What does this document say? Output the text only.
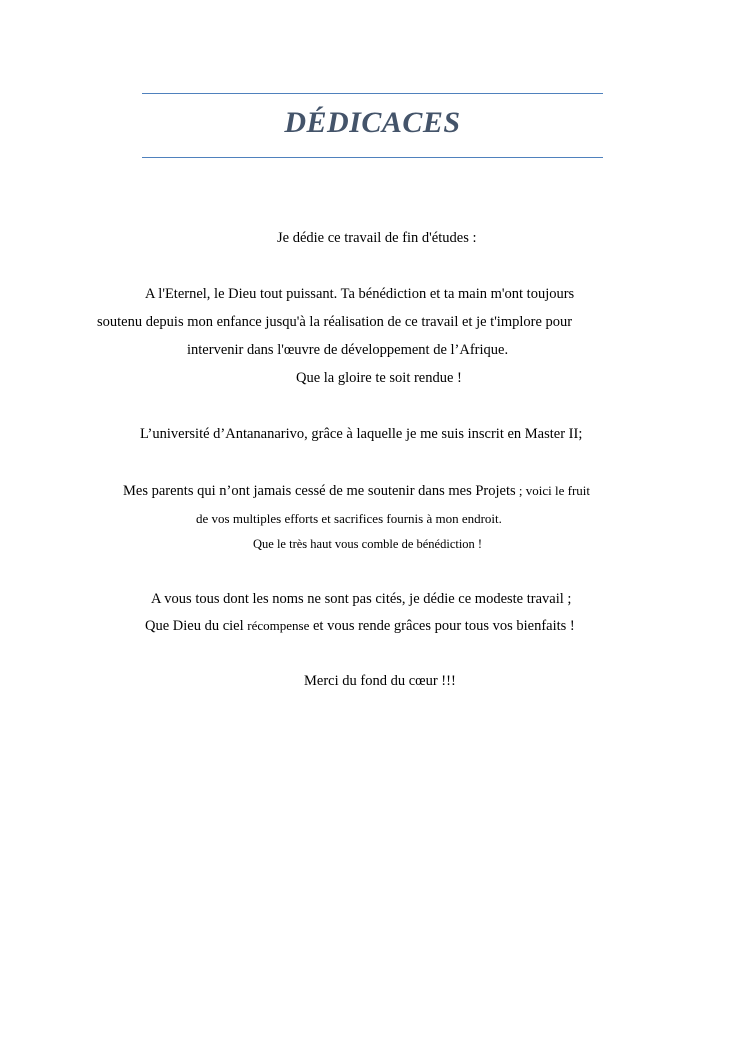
DÉDICACES
Je dédie ce travail de fin d'études :
A l'Eternel, le Dieu tout puissant. Ta bénédiction et ta main m'ont toujours
soutenu depuis mon enfance jusqu'à la réalisation de ce travail et je t'implore pour
intervenir dans l'œuvre de développement de l’Afrique.
Que la gloire te soit rendue !
L’université d’Antananarivo, grâce à laquelle je me suis inscrit en Master II;
Mes parents qui n’ont jamais cessé de me soutenir dans mes Projets ; voici le fruit
de vos multiples efforts et sacrifices fournis à mon endroit.
Que le très haut vous comble de bénédiction !
A vous tous dont les noms ne sont pas cités, je dédie ce modeste travail ;
Que Dieu du ciel récompense et vous rende grâces pour tous vos bienfaits !
Merci du fond du cœur !!!
